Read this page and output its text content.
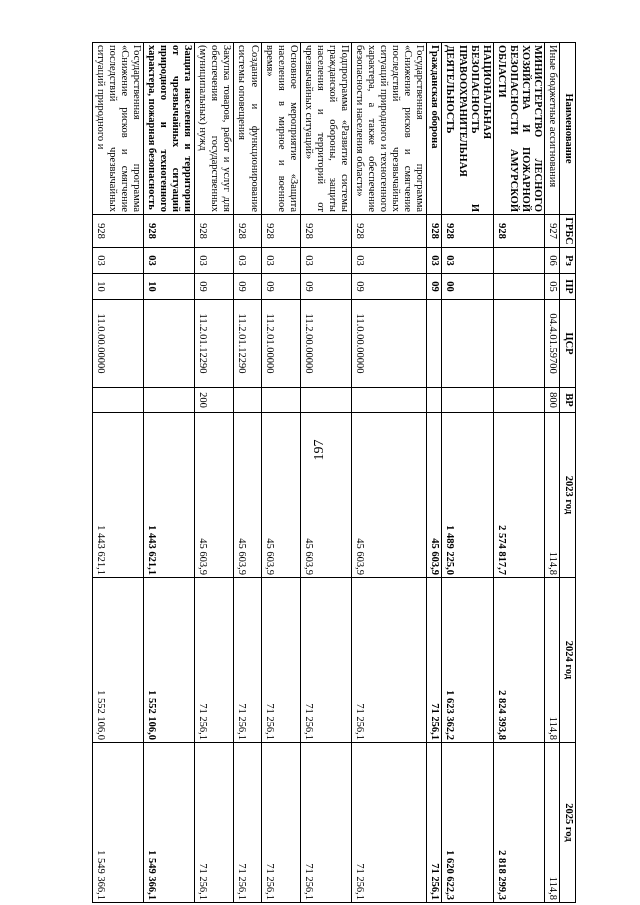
197
Наименование	ГРБС	Рз	ПР	ЦСР	ВР	2023 год	2024 год	2025 год
Иные бюджетные ассигнования	927	06	05	04.4.01.59700	800	114,8	114,8	114,8
МИНИСТЕРСТВО ЛЕСНОГО ХОЗЯЙСТВА И ПОЖАРНОЙ БЕЗОПАСНОСТИ АМУРСКОЙ ОБЛАСТИ	928					2 574 817,7	2 824 393,8	2 818 299,3
НАЦИОНАЛЬНАЯ БЕЗОПАСНОСТЬ И ПРАВООХРАНИТЕЛЬНАЯ ДЕЯТЕЛЬНОСТЬ	928	03	00			1 489 225,0	1 623 362,2	1 620 622,3
Гражданская оборона	928	03	09			45 603,9	71 256,1	71 256,1
Государственная программа «Снижение рисков и смягчение последствий чрезвычайных ситуаций природного и техногенного характера, а также обеспечение безопасности населения области»	928	03	09	11.0.00.00000		45 603,9	71 256,1	71 256,1
Подпрограмма «Развитие системы гражданской обороны, защиты населения и территорий от чрезвычайных ситуаций»	928	03	09	11.2.00.00000		45 603,9	71 256,1	71 256,1
Основное мероприятие «Защита населения в мирное и военное время»	928	03	09	11.2.01.00000		45 603,9	71 256,1	71 256,1
Создание и функционирование системы оповещения	928	03	09	11.2.01.12290		45 603,9	71 256,1	71 256,1
Закупка товаров, работ и услуг для обеспечения государственных (муниципальных) нужд	928	03	09	11.2.01.12290	200	45 603,9	71 256,1	71 256,1
Защита населения и территории от чрезвычайных ситуаций природного и техногенного характера, пожарная безопасность	928	03	10			1 443 621,1	1 552 106,0	1 549 366,1
Государственная программа «Снижение рисков и смягчение последствий чрезвычайных ситуаций природного и	928	03	10	11.0.00.00000		1 443 621,1	1 552 106,0	1 549 366,1
